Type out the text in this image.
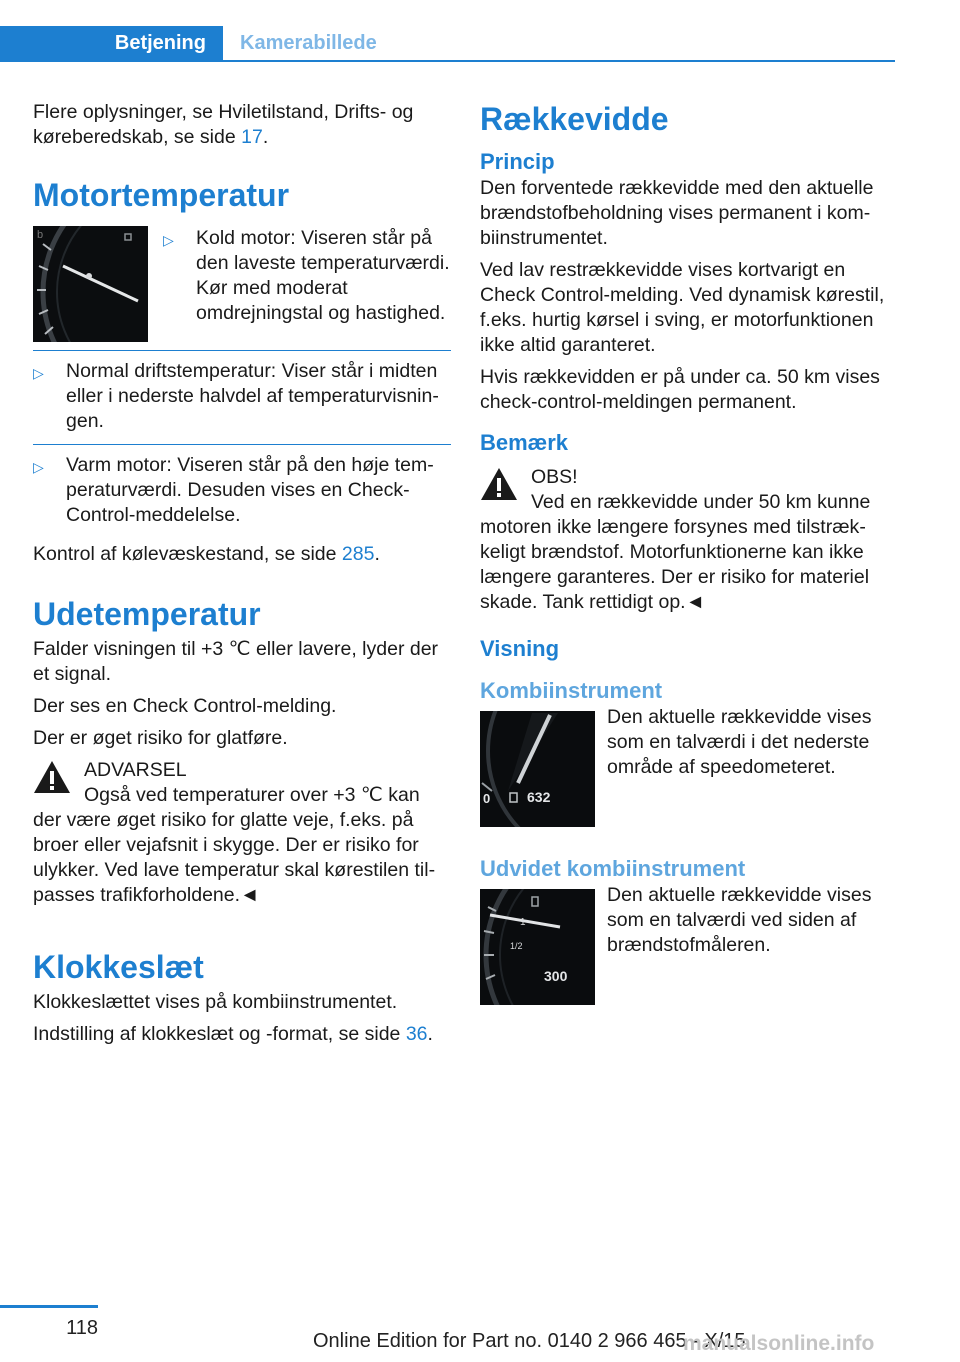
Betjening Kamerabillede

Flere oplysninger, se Hviletilstand, Drifts- og køreberedskab, se side 17.

Motortemperatur
b	▷	Kold motor: Viseren står på den laveste temperaturværdi. Kør med moderat omdrejningstal og hastighed.
▷	Normal driftstemperatur: Viser står i midten eller i nederste halvdel af temperaturvisningen.
▷	Varm motor: Viseren står på den høje temperaturværdi. Desuden vises en Check-Control-meddelelse.

Kontrol af kølevæskestand, se side 285.

Udetemperatur

Falder visningen til +3 ℃ eller lavere, lyder der et signal.

Der ses en Check Control-melding.

Der er øget risiko for glatføre.

ADVARSEL

Også ved temperaturer over +3 ℃ kan der være øget risiko for glatte veje, f.eks. på broer eller vejafsnit i skygge. Der er risiko for ulykker. Ved lave temperatur skal kørestilen tilpasses trafikforholdene.◄

Klokkeslæt

Klokkeslættet vises på kombiinstrumentet.

Indstilling af klokkeslæt og -format, se side 36.

Rækkevidde
Princip

Den forventede rækkevidde med den aktuelle brændstofbeholdning vises permanent i kombiinstrumentet.

Ved lav restrækkevidde vises kortvarigt en Check Control-melding. Ved dynamisk kørestil, f.eks. hurtig kørsel i sving, er motorfunktionen ikke altid garanteret.

Hvis rækkevidden er på under ca. 50 km vises check-control-meldingen permanent.

Bemærk

OBS!

Ved en rækkevidde under 50 km kunne motoren ikke længere forsynes med tilstrækkeligt brændstof. Motorfunktionerne kan ikke længere garanteres. Der er risiko for materiel skade. Tank rettidigt op.◄

Visning
Kombiinstrument
0	632

Den aktuelle rækkevidde vises som en talværdi i det nederste område af speedometeret.

Udvidet kombiinstrument
1
1/2
300

Den aktuelle rækkevidde vises som en talværdi ved siden af brændstofmåleren.

118
Online Edition for Part no. 0140 2 966 465 - X/15
manualsonline.info
